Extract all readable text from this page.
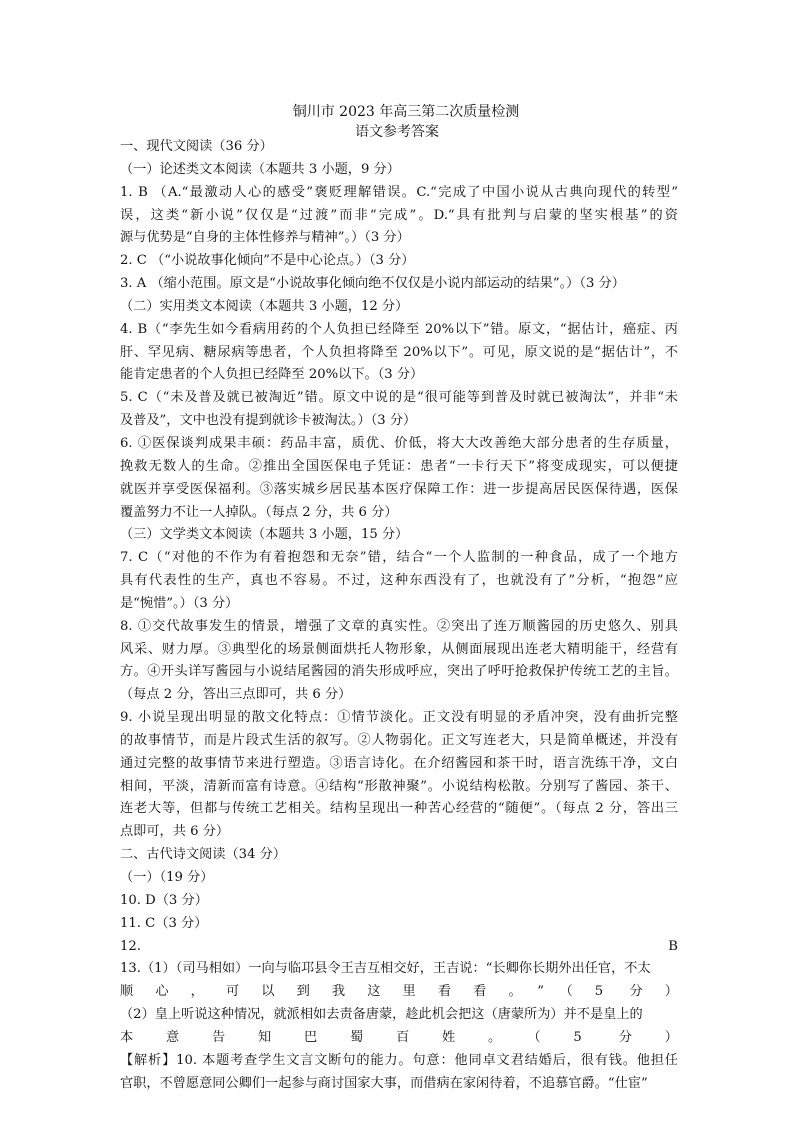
铜川市 2023 年高三第二次质量检测
语文参考答案
一、现代文阅读（36 分）
（一）论述类文本阅读（本题共 3 小题，9 分）
1. B （A.“最激动人心的感受”褒贬理解错误。C.“完成了中国小说从古典向现代的转型”
误，这类“新小说”仅仅是“过渡”而非“完成”。D.“具有批判与启蒙的坚实根基”的资
源与优势是“自身的主体性修养与精神”。）（3 分）
2. C （“小说故事化倾向”不是中心论点。）（3 分）
3. A （缩小范围。原文是“小说故事化倾向绝不仅仅是小说内部运动的结果”。）（3 分）
（二）实用类文本阅读（本题共 3 小题，12 分）
4. B（“李先生如今看病用药的个人负担已经降至 20%以下”错。原文，“据估计，癌症、丙
肝、罕见病、糖尿病等患者，个人负担将降至 20%以下”。可见，原文说的是“据估计”，不
能肯定患者的个人负担已经降至 20%以下。（3 分）
5. C（“未及普及就已被淘近”错。原文中说的是“很可能等到普及时就已被淘汰”，并非“未
及普及”，文中也没有提到就诊卡被淘汰。）（3 分）
6. ①医保谈判成果丰硕：药品丰富，质优、价低，将大大改善绝大部分患者的生存质量，
挽救无数人的生命。②推出全国医保电子凭证：患者“一卡行天下”将变成现实，可以便捷
就医并享受医保福利。③落实城乡居民基本医疗保障工作：进一步提高居民医保待遇，医保
覆盖努力不让一人掉队。（每点 2 分，共 6 分）
（三）文学类文本阅读（本题共 3 小题，15 分）
7. C（“对他的不作为有着抱怨和无奈”错，结合“一个人监制的一种食品，成了一个地方
具有代表性的生产，真也不容易。不过，这种东西没有了，也就没有了”分析，“抱怨”应
是“惋惜”。）（3 分）
8. ①交代故事发生的情景，增强了文章的真实性。②突出了连万顺酱园的历史悠久、别具
风采、财力厚。③典型化的场景侧面烘托人物形象，从侧面展现出连老大精明能干，经营有
方。④开头详写酱园与小说结尾酱园的消失形成呼应，突出了呼吁抢救保护传统工艺的主旨。
（每点 2 分，答出三点即可，共 6 分）
9. 小说呈现出明显的散文化特点：①情节淡化。正文没有明显的矛盾冲突，没有曲折完整
的故事情节，而是片段式生活的叙写。②人物弱化。正文写连老大，只是简单概述，并没有
通过完整的故事情节来进行塑造。③语言诗化。在介绍酱园和茶干时，语言洗练干净，文白
相间，平淡，清新而富有诗意。④结构“形散神聚”。小说结构松散。分别写了酱园、茶干、
连老大等，但都与传统工艺相关。结构呈现出一种苦心经营的“随便”。（每点 2 分，答出三
点即可，共 6 分）
二、古代诗文阅读（34 分）
（一）（19 分）
10. D（3 分）
11. C（3 分）
12. B
13.（1）（司马相如）一向与临邛县令王吉互相交好，王吉说：“长卿你长期外出任官，不太
顺心，可以到我这里看看。”（5 分）
（2）皇上听说这种情况，就派相如去责备唐蒙，趁此机会把这（唐蒙所为）并不是皇上的
本意告知巴蜀百姓。（5 分）
【解析】10. 本题考查学生文言文断句的能力。句意：他同卓文君结婚后，很有钱。他担任
官职，不曾愿意同公卿们一起参与商讨国家大事，而借病在家闲待着，不追慕官爵。“仕宦”
